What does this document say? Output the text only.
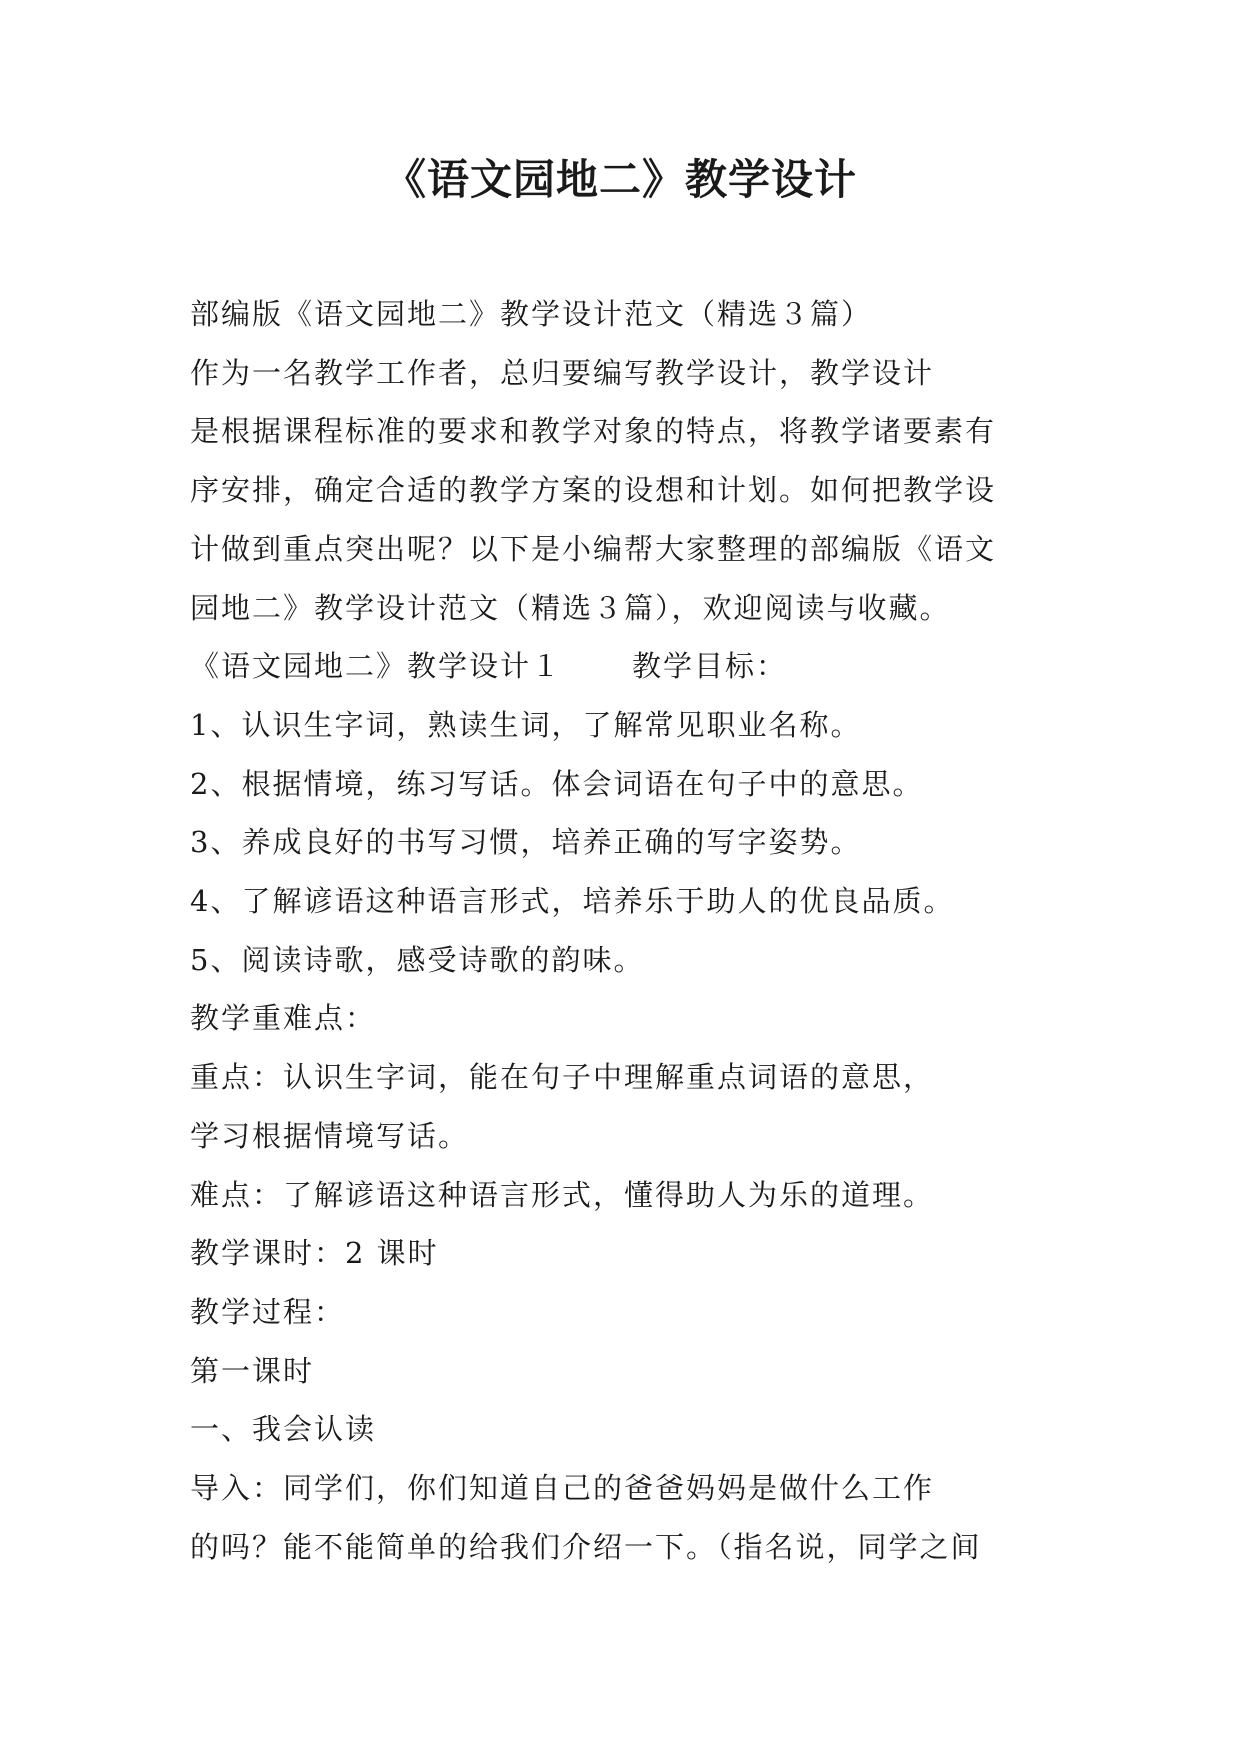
《语文园地二》教学设计

部编版《语文园地二》教学设计范文（精选３篇）

作为一名教学工作者，总归要编写教学设计，教学设计

是根据课程标准的要求和教学对象的特点，将教学诸要素有

序安排，确定合适的教学方案的设想和计划。如何把教学设

计做到重点突出呢？以下是小编帮大家整理的部编版《语文

园地二》教学设计范文（精选３篇），欢迎阅读与收藏。

《语文园地二》教学设计１ 教学目标：

1、认识生字词，熟读生词，了解常见职业名称。

2、根据情境，练习写话。体会词语在句子中的意思。

3、养成良好的书写习惯，培养正确的写字姿势。

4、了解谚语这种语言形式，培养乐于助人的优良品质。

5、阅读诗歌，感受诗歌的韵味。

教学重难点：

重点：认识生字词，能在句子中理解重点词语的意思，

学习根据情境写话。

难点：了解谚语这种语言形式，懂得助人为乐的道理。

教学课时：2 课时

教学过程：

第一课时

一、我会认读

导入：同学们，你们知道自己的爸爸妈妈是做什么工作

的吗？能不能简单的给我们介绍一下。（指名说，同学之间
